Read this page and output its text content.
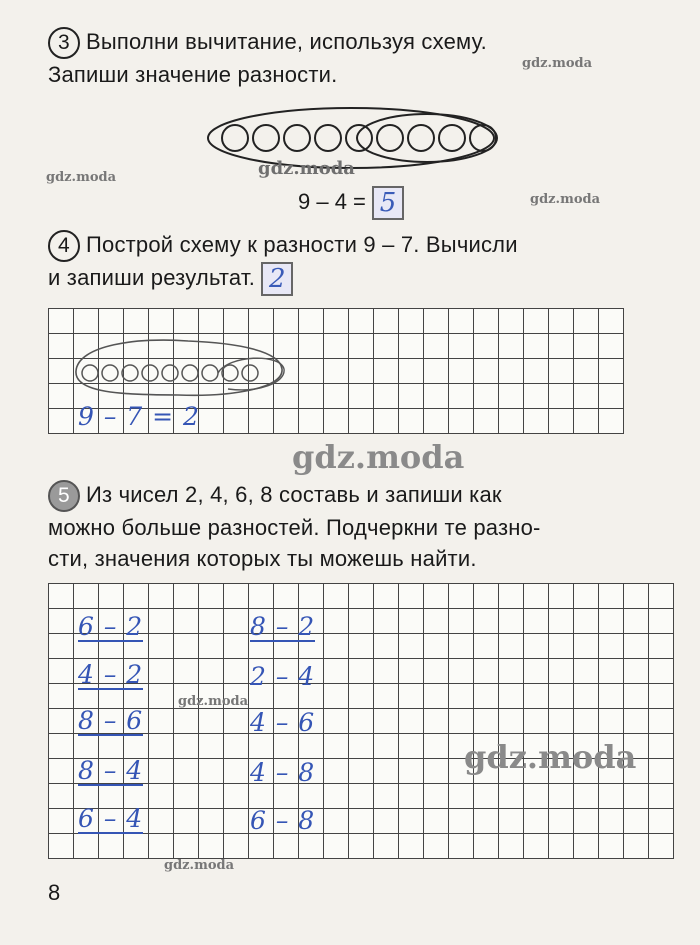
3 Выполни вычитание, используя схему.
Запиши значение разности.
9 – 4 = 5
4 Построй схему к разности 9 – 7. Вычисли
и запиши результат. 2
9 – 7 = 2
5 Из чисел 2, 4, 6, 8 составь и запиши как
можно больше разностей. Подчеркни те разно-
сти, значения которых ты можешь найти.
6 – 2
4 – 2
8 – 6
8 – 4
6 – 4
8 – 2
2 – 4
4 – 6
4 – 8
6 – 8
gdz.moda
gdz.moda	gdz.moda
gdz.moda
gdz.moda
gdz.moda
gdz.moda
gdz.moda
8
